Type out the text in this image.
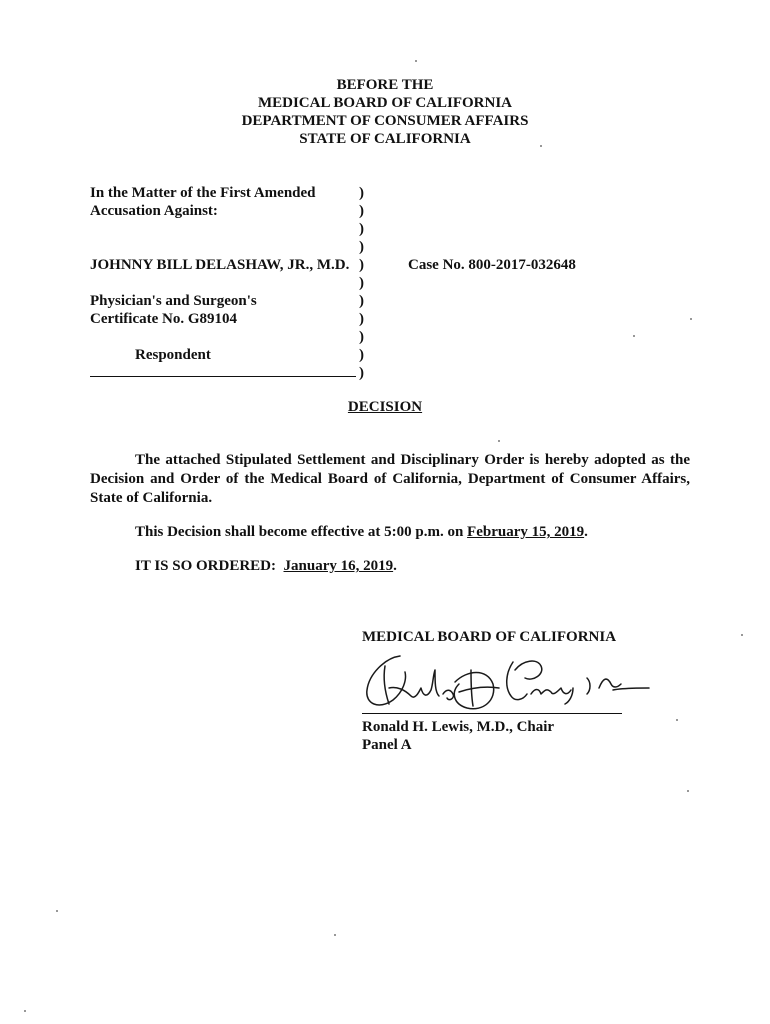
BEFORE THE
MEDICAL BOARD OF CALIFORNIA
DEPARTMENT OF CONSUMER AFFAIRS
STATE OF CALIFORNIA
In the Matter of the First Amended
Accusation Against:
JOHNNY BILL DELASHAW, JR., M.D.
Physician's and Surgeon's
Certificate No. G89104
Respondent
)
)
)
)
)
)
)
)
)
)
)
Case No. 800-2017-032648
DECISION
The attached Stipulated Settlement and Disciplinary Order is hereby adopted as the Decision and Order of the Medical Board of California, Department of Consumer Affairs, State of California.
This Decision shall become effective at 5:00 p.m. on February 15, 2019.
IT IS SO ORDERED:  January 16, 2019.
MEDICAL BOARD OF CALIFORNIA
Ronald H. Lewis, M.D., Chair
Panel A
